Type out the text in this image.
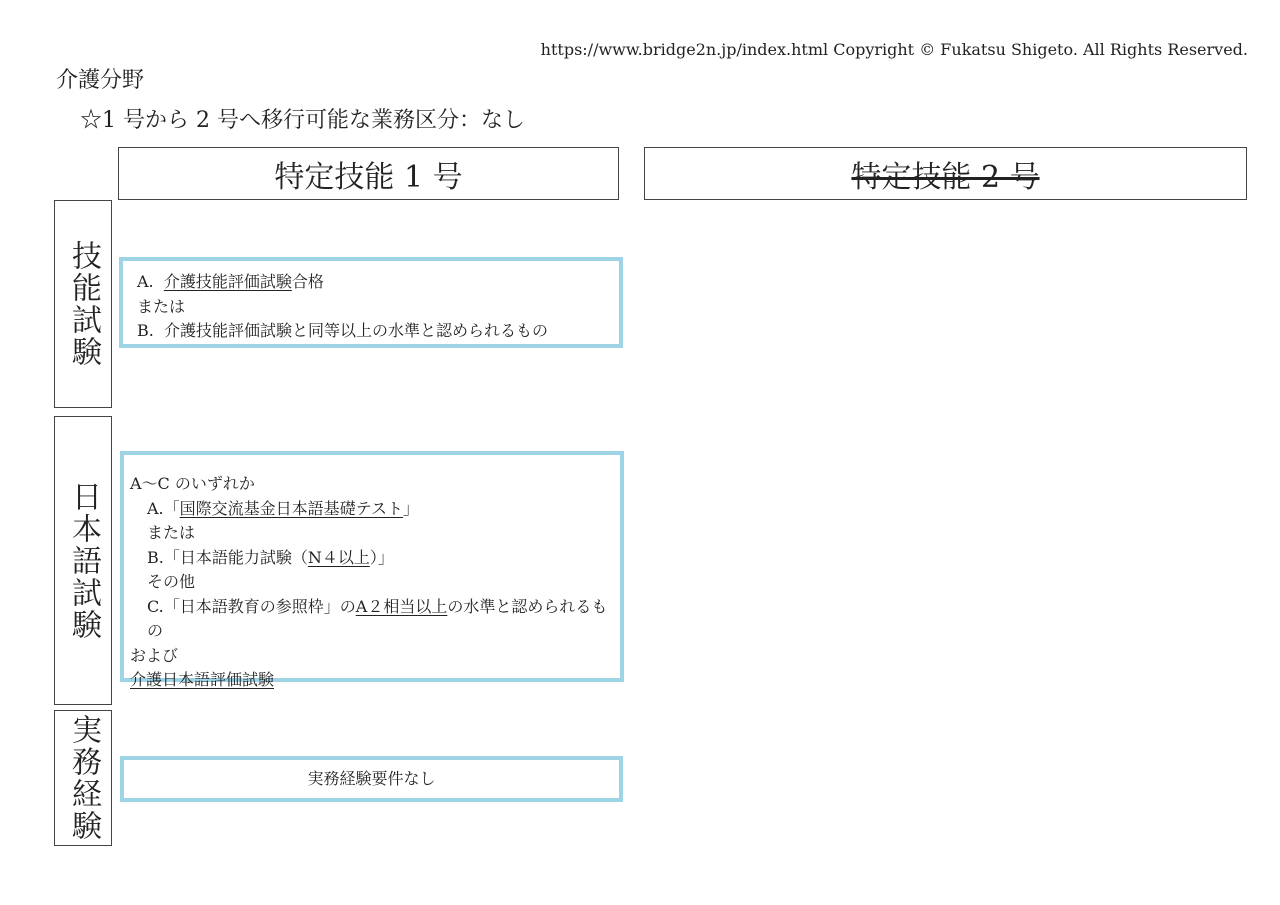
https://www.bridge2n.jp/index.html Copyright © Fukatsu Shigeto. All Rights Reserved.
介護分野
☆1 号から 2 号へ移行可能な業務区分：なし
特定技能 1 号	特定技能 2 号
技能試験
日本語試験
実務経験
A. 介護技能評価試験合格
または
B. 介護技能評価試験と同等以上の水準と認められるもの
A〜C のいずれか
A.「国際交流基金日本語基礎テスト」
または
B.「日本語能力試験（N４以上）」
その他
C.「日本語教育の参照枠」のA２相当以上の水準と認められるもの
および
介護日本語評価試験
実務経験要件なし
